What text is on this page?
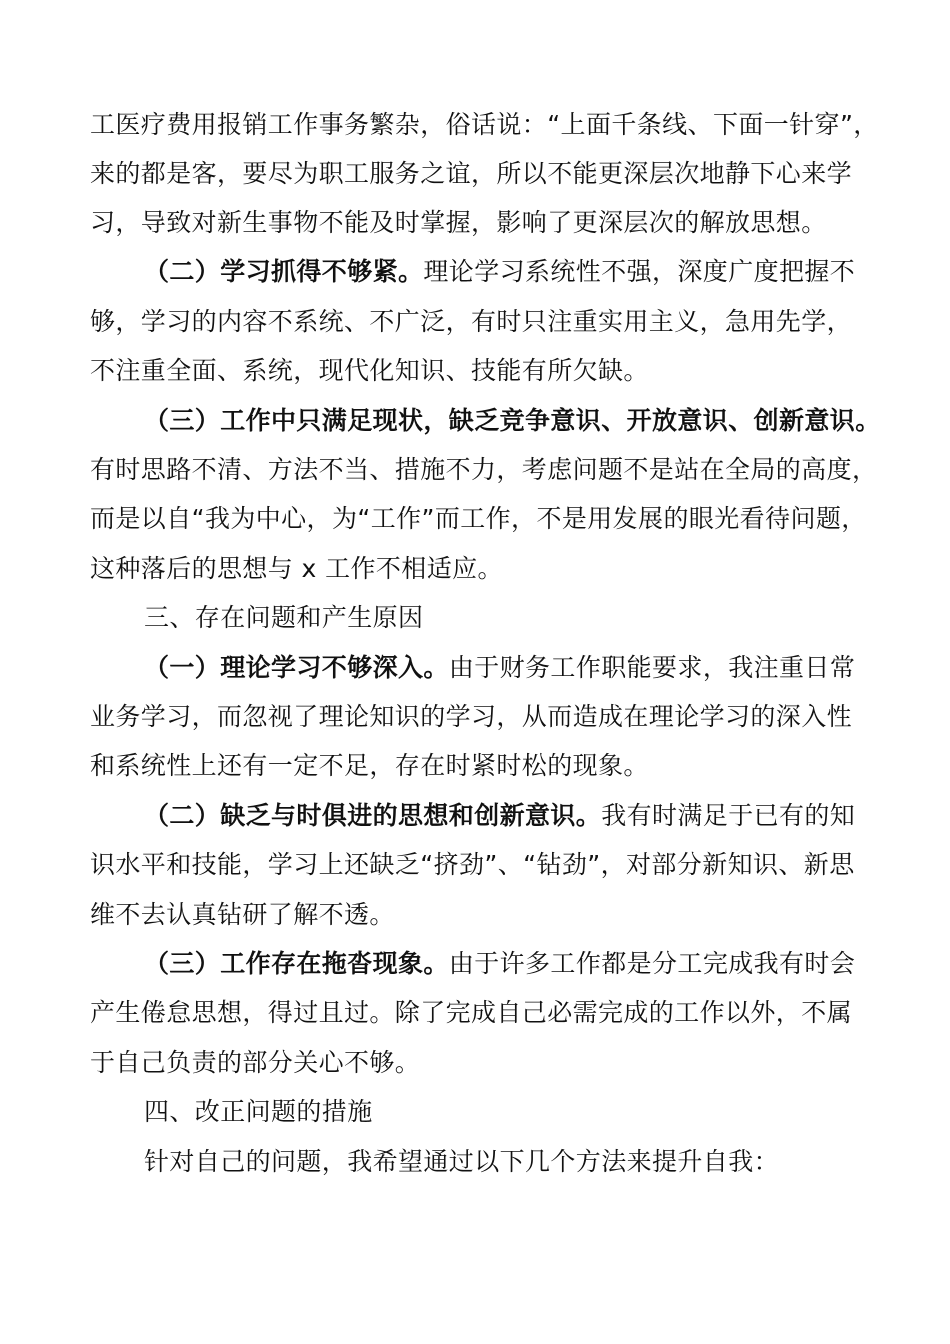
工医疗费用报销工作事务繁杂，俗话说：“上面千条线、下面一针穿”，
来的都是客，要尽为职工服务之谊，所以不能更深层次地静下心来学
习，导致对新生事物不能及时掌握，影响了更深层次的解放思想。
（二）学习抓得不够紧。理论学习系统性不强，深度广度把握不
够，学习的内容不系统、不广泛，有时只注重实用主义，急用先学，
不注重全面、系统，现代化知识、技能有所欠缺。
（三）工作中只满足现状，缺乏竞争意识、开放意识、创新意识。
有时思路不清、方法不当、措施不力，考虑问题不是站在全局的高度，
而是以自“我为中心，为“工作”而工作，不是用发展的眼光看待问题，
这种落后的思想与 x 工作不相适应。
三、存在问题和产生原因
（一）理论学习不够深入。由于财务工作职能要求，我注重日常
业务学习，而忽视了理论知识的学习，从而造成在理论学习的深入性
和系统性上还有一定不足，存在时紧时松的现象。
（二）缺乏与时俱进的思想和创新意识。我有时满足于已有的知
识水平和技能，学习上还缺乏“挤劲”、“钻劲”，对部分新知识、新思
维不去认真钻研了解不透。
（三）工作存在拖沓现象。由于许多工作都是分工完成我有时会
产生倦怠思想，得过且过。除了完成自己必需完成的工作以外，不属
于自己负责的部分关心不够。
四、改正问题的措施
针对自己的问题，我希望通过以下几个方法来提升自我：
